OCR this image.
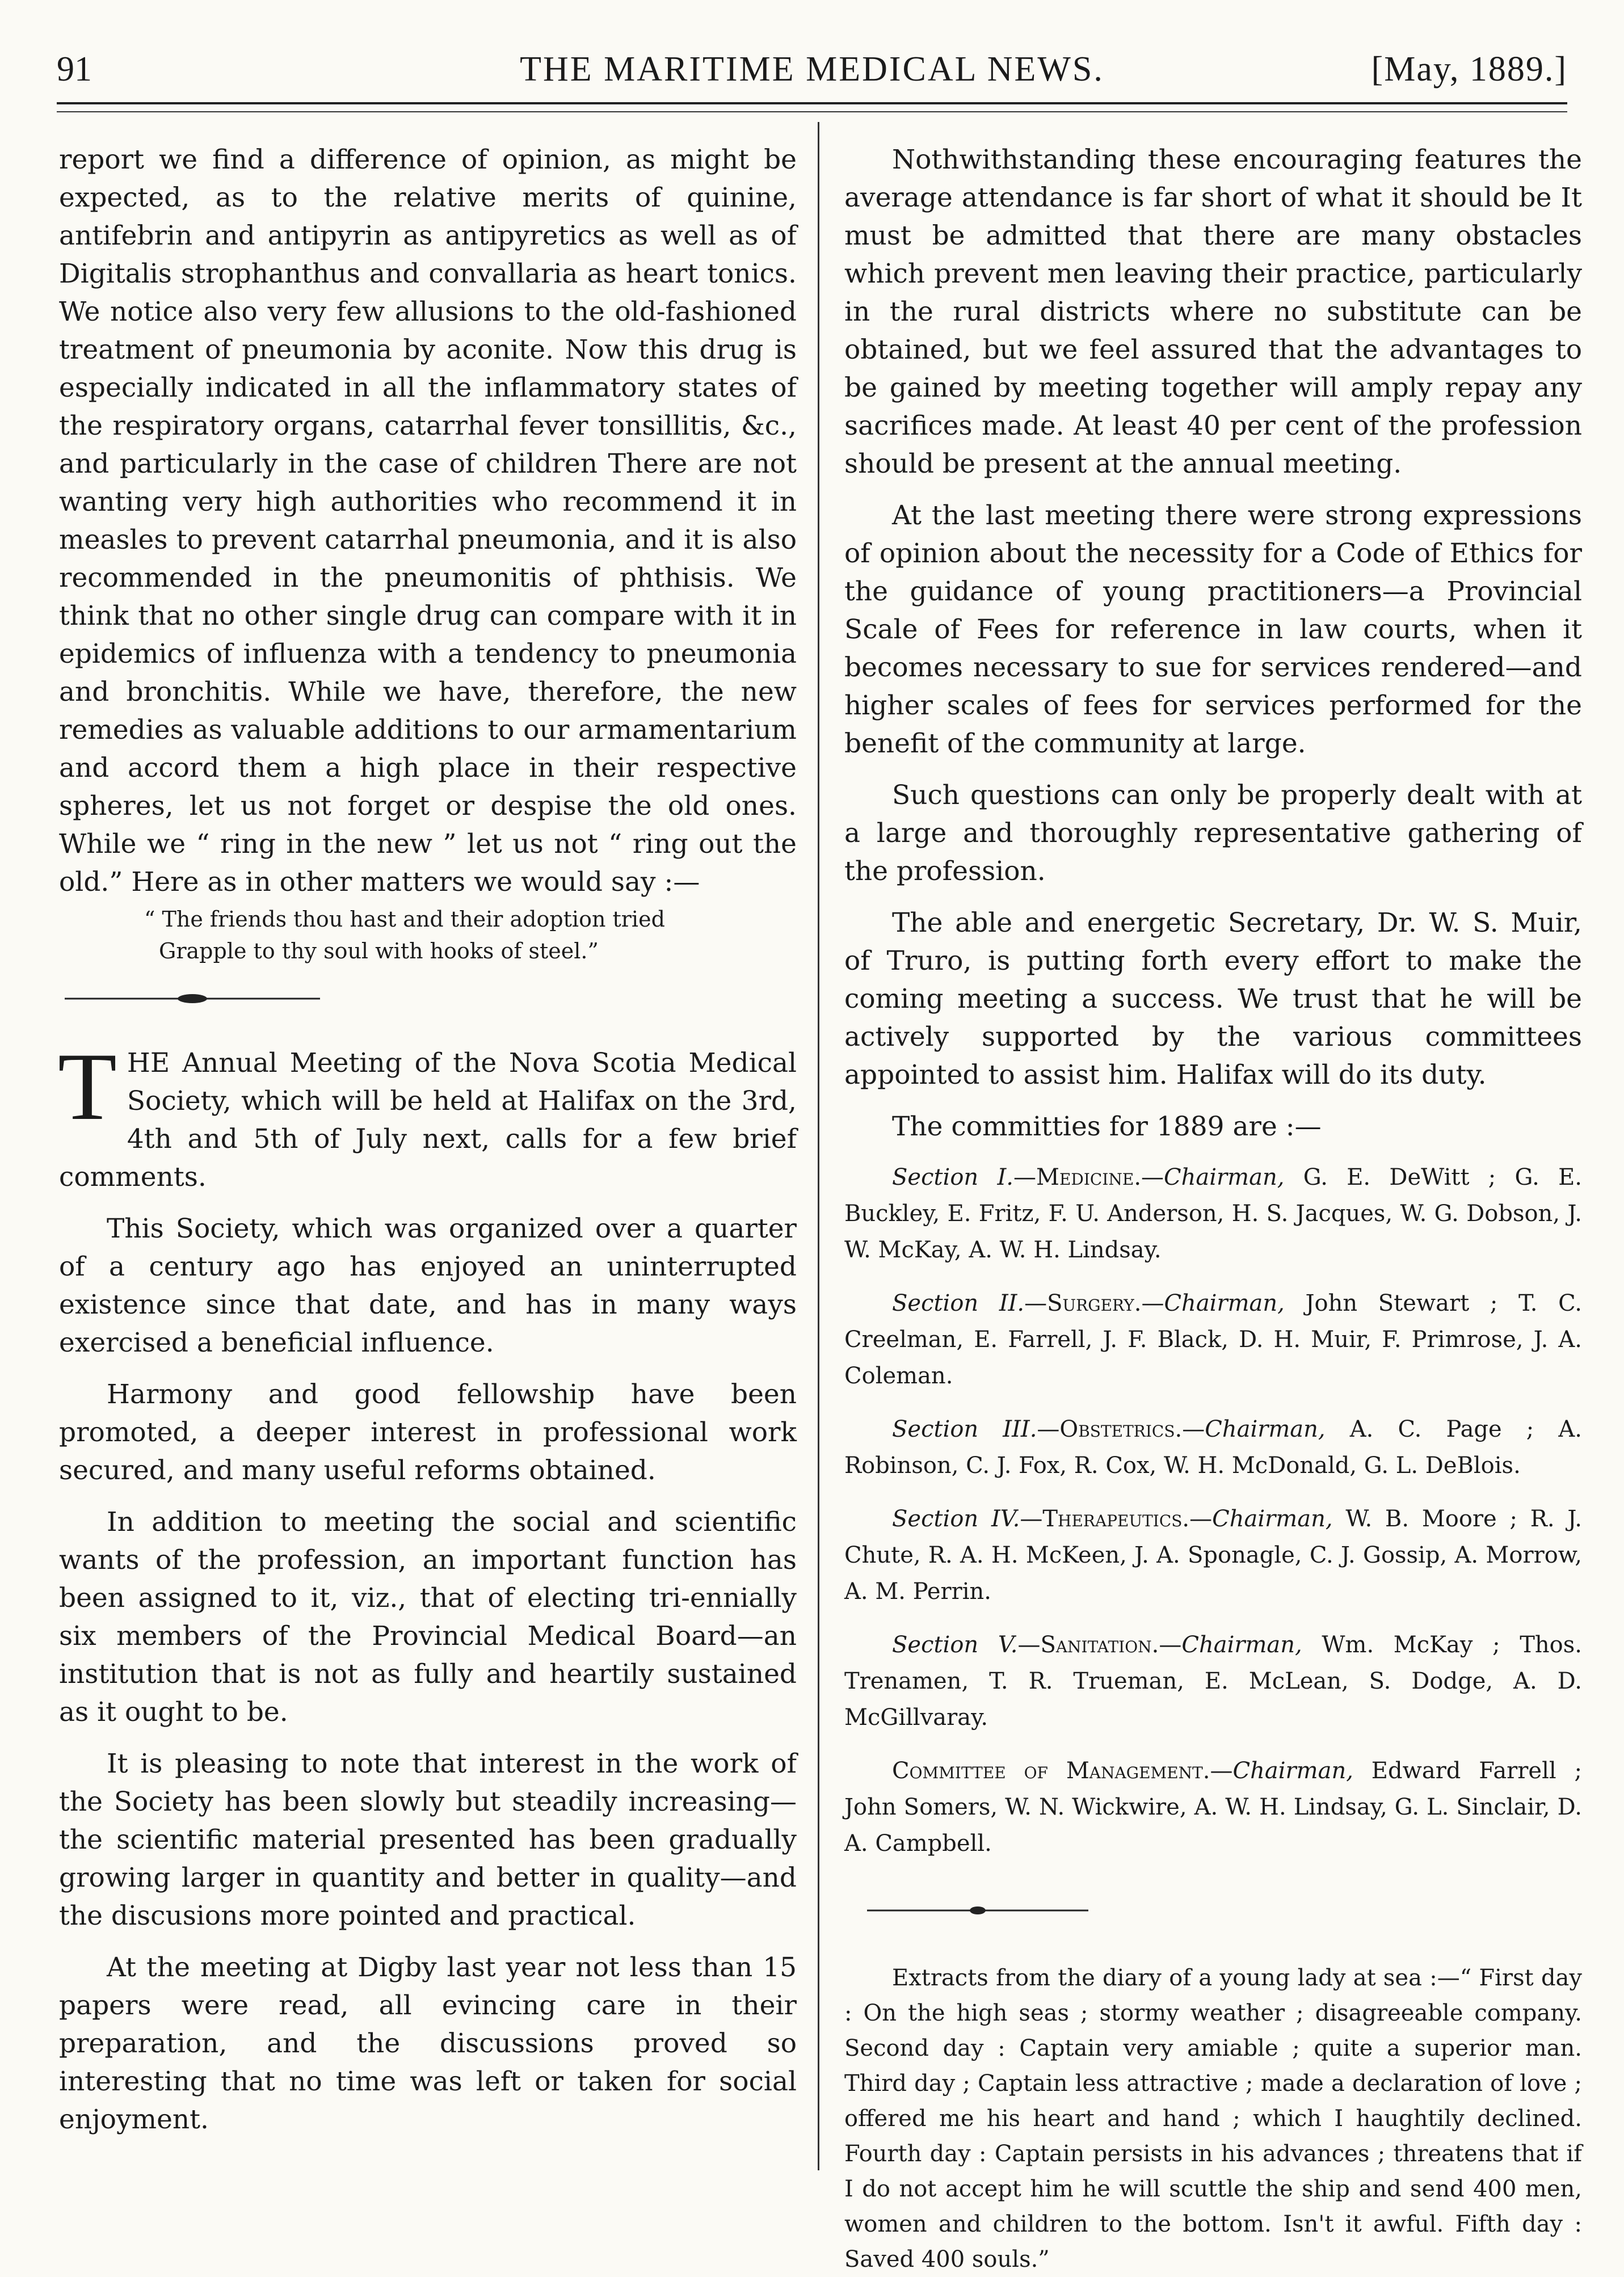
91	THE MARITIME MEDICAL NEWS.	[May, 1889.]

report we find a difference of opinion, as might be expected, as to the relative merits of quinine, antifebrin and antipyrin as antipyretics as well as of Digitalis strophanthus and convallaria as heart tonics. We notice also very few allusions to the old-fashioned treatment of pneumonia by aconite. Now this drug is especially indicated in all the inflammatory states of the respiratory organs, catarrhal fever tonsillitis, &c., and particularly in the case of children There are not wanting very high authorities who recommend it in measles to prevent catarrhal pneumonia, and it is also recommended in the pneumonitis of phthisis. We think that no other single drug can compare with it in epidemics of influenza with a tendency to pneumonia and bronchitis. While we have, therefore, the new remedies as valuable additions to our armamentarium and accord them a high place in their respective spheres, let us not forget or despise the old ones. While we “ ring in the new ” let us not “ ring out the old.” Here as in other matters we would say :—

“ The friends thou hast and their adoption tried
Grapple to thy soul with hooks of steel.”

T HE Annual Meeting of the Nova Scotia Medical Society, which will be held at Halifax on the 3rd, 4th and 5th of July next, calls for a few brief comments.

This Society, which was organized over a quarter of a century ago has enjoyed an uninterrupted existence since that date, and has in many ways exercised a beneficial influence.

Harmony and good fellowship have been promoted, a deeper interest in professional work secured, and many useful reforms obtained.

In addition to meeting the social and scientific wants of the profession, an important function has been assigned to it, viz., that of electing tri-ennially six members of the Provincial Medical Board—an institution that is not as fully and heartily sustained as it ought to be.

It is pleasing to note that interest in the work of the Society has been slowly but steadily increasing—the scientific material presented has been gradually growing larger in quantity and better in quality—and the discusions more pointed and practical.

At the meeting at Digby last year not less than 15 papers were read, all evincing care in their preparation, and the discussions proved so interesting that no time was left or taken for social enjoyment.

Nothwithstanding these encouraging features the average attendance is far short of what it should be It must be admitted that there are many obstacles which prevent men leaving their practice, particularly in the rural districts where no substitute can be obtained, but we feel assured that the advantages to be gained by meeting together will amply repay any sacrifices made. At least 40 per cent of the profession should be present at the annual meeting.

At the last meeting there were strong expressions of opinion about the necessity for a Code of Ethics for the guidance of young practitioners—a Provincial Scale of Fees for reference in law courts, when it becomes necessary to sue for services rendered—and higher scales of fees for services performed for the benefit of the community at large.

Such questions can only be properly dealt with at a large and thoroughly representative gathering of the profession.

The able and energetic Secretary, Dr. W. S. Muir, of Truro, is putting forth every effort to make the coming meeting a success. We trust that he will be actively supported by the various committees appointed to assist him. Halifax will do its duty.

The committies for 1889 are :—

Section I.—Medicine.—Chairman, G. E. DeWitt ; G. E. Buckley, E. Fritz, F. U. Anderson, H. S. Jacques, W. G. Dobson, J. W. McKay, A. W. H. Lindsay.

Section II.—Surgery.—Chairman, John Stewart ; T. C. Creelman, E. Farrell, J. F. Black, D. H. Muir, F. Primrose, J. A. Coleman.

Section III.—Obstetrics.—Chairman, A. C. Page ; A. Robinson, C. J. Fox, R. Cox, W. H. McDonald, G. L. DeBlois.

Section IV.—Therapeutics.—Chairman, W. B. Moore ; R. J. Chute, R. A. H. McKeen, J. A. Sponagle, C. J. Gossip, A. Morrow, A. M. Perrin.

Section V.—Sanitation.—Chairman, Wm. McKay ; Thos. Trenamen, T. R. Trueman, E. McLean, S. Dodge, A. D. McGillvaray.

Committee of Management.—Chairman, Edward Farrell ; John Somers, W. N. Wickwire, A. W. H. Lindsay, G. L. Sinclair, D. A. Campbell.

Extracts from the diary of a young lady at sea :—“ First day : On the high seas ; stormy weather ; disagreeable company. Second day : Captain very amiable ; quite a superior man. Third day ; Captain less attractive ; made a declaration of love ; offered me his heart and hand ; which I haughtily declined. Fourth day : Captain persists in his advances ; threatens that if I do not accept him he will scuttle the ship and send 400 men, women and children to the bottom. Isn't it awful. Fifth day : Saved 400 souls.”
